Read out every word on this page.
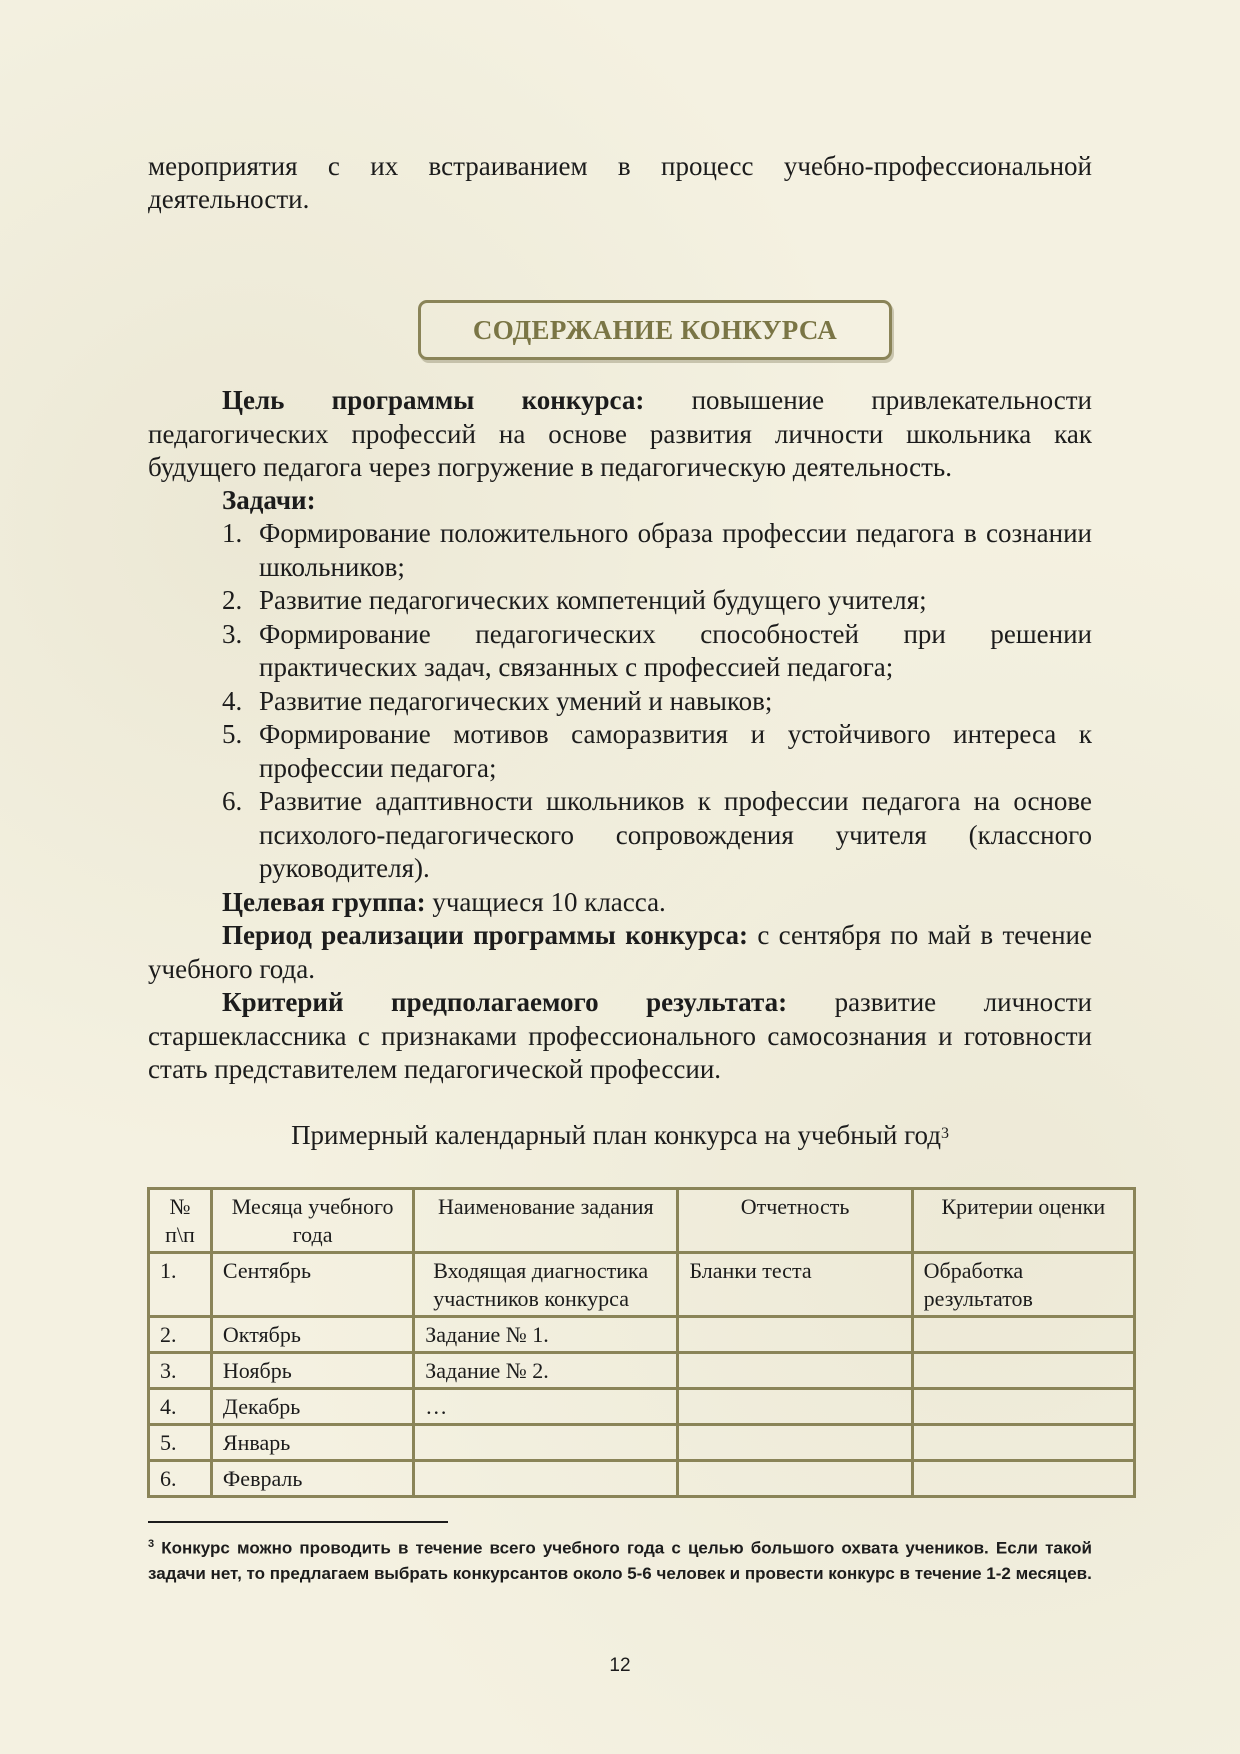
мероприятия с их встраиванием в процесс учебно-профессиональной
деятельности.
СОДЕРЖАНИЕ КОНКУРСА
Цель программы конкурса: повышение привлекательности педагогических профессий на основе развития личности школьника как будущего педагога через погружение в педагогическую деятельность.
Задачи:
1. Формирование положительного образа профессии педагога в сознании школьников;
2. Развитие педагогических компетенций будущего учителя;
3. Формирование педагогических способностей при решении практических задач, связанных с профессией педагога;
4. Развитие педагогических умений и навыков;
5. Формирование мотивов саморазвития и устойчивого интереса к профессии педагога;
6. Развитие адаптивности школьников к профессии педагога на основе психолого-педагогического сопровождения учителя (классного руководителя).
Целевая группа: учащиеся 10 класса.
Период реализации программы конкурса: с сентября по май в течение учебного года.
Критерий предполагаемого результата: развитие личности старшеклассника с признаками профессионального самосознания и готовности стать представителем педагогической профессии.
Примерный календарный план конкурса на учебный год$^3$
№ п\п	Месяца учебного года	Наименование задания	Отчетность	Критерии оценки
1.	Сентябрь	Входящая диагностика участников конкурса	Бланки теста	Обработка результатов
2.	Октябрь	Задание № 1.		
3.	Ноябрь	Задание № 2.		
4.	Декабрь	…		
5.	Январь			
6.	Февраль			
$^3$ Конкурс можно проводить в течение всего учебного года с целью большого охвата учеников. Если такой задачи нет, то предлагаем выбрать конкурсантов около 5-6 человек и провести конкурс в течение 1-2 месяцев.
12
